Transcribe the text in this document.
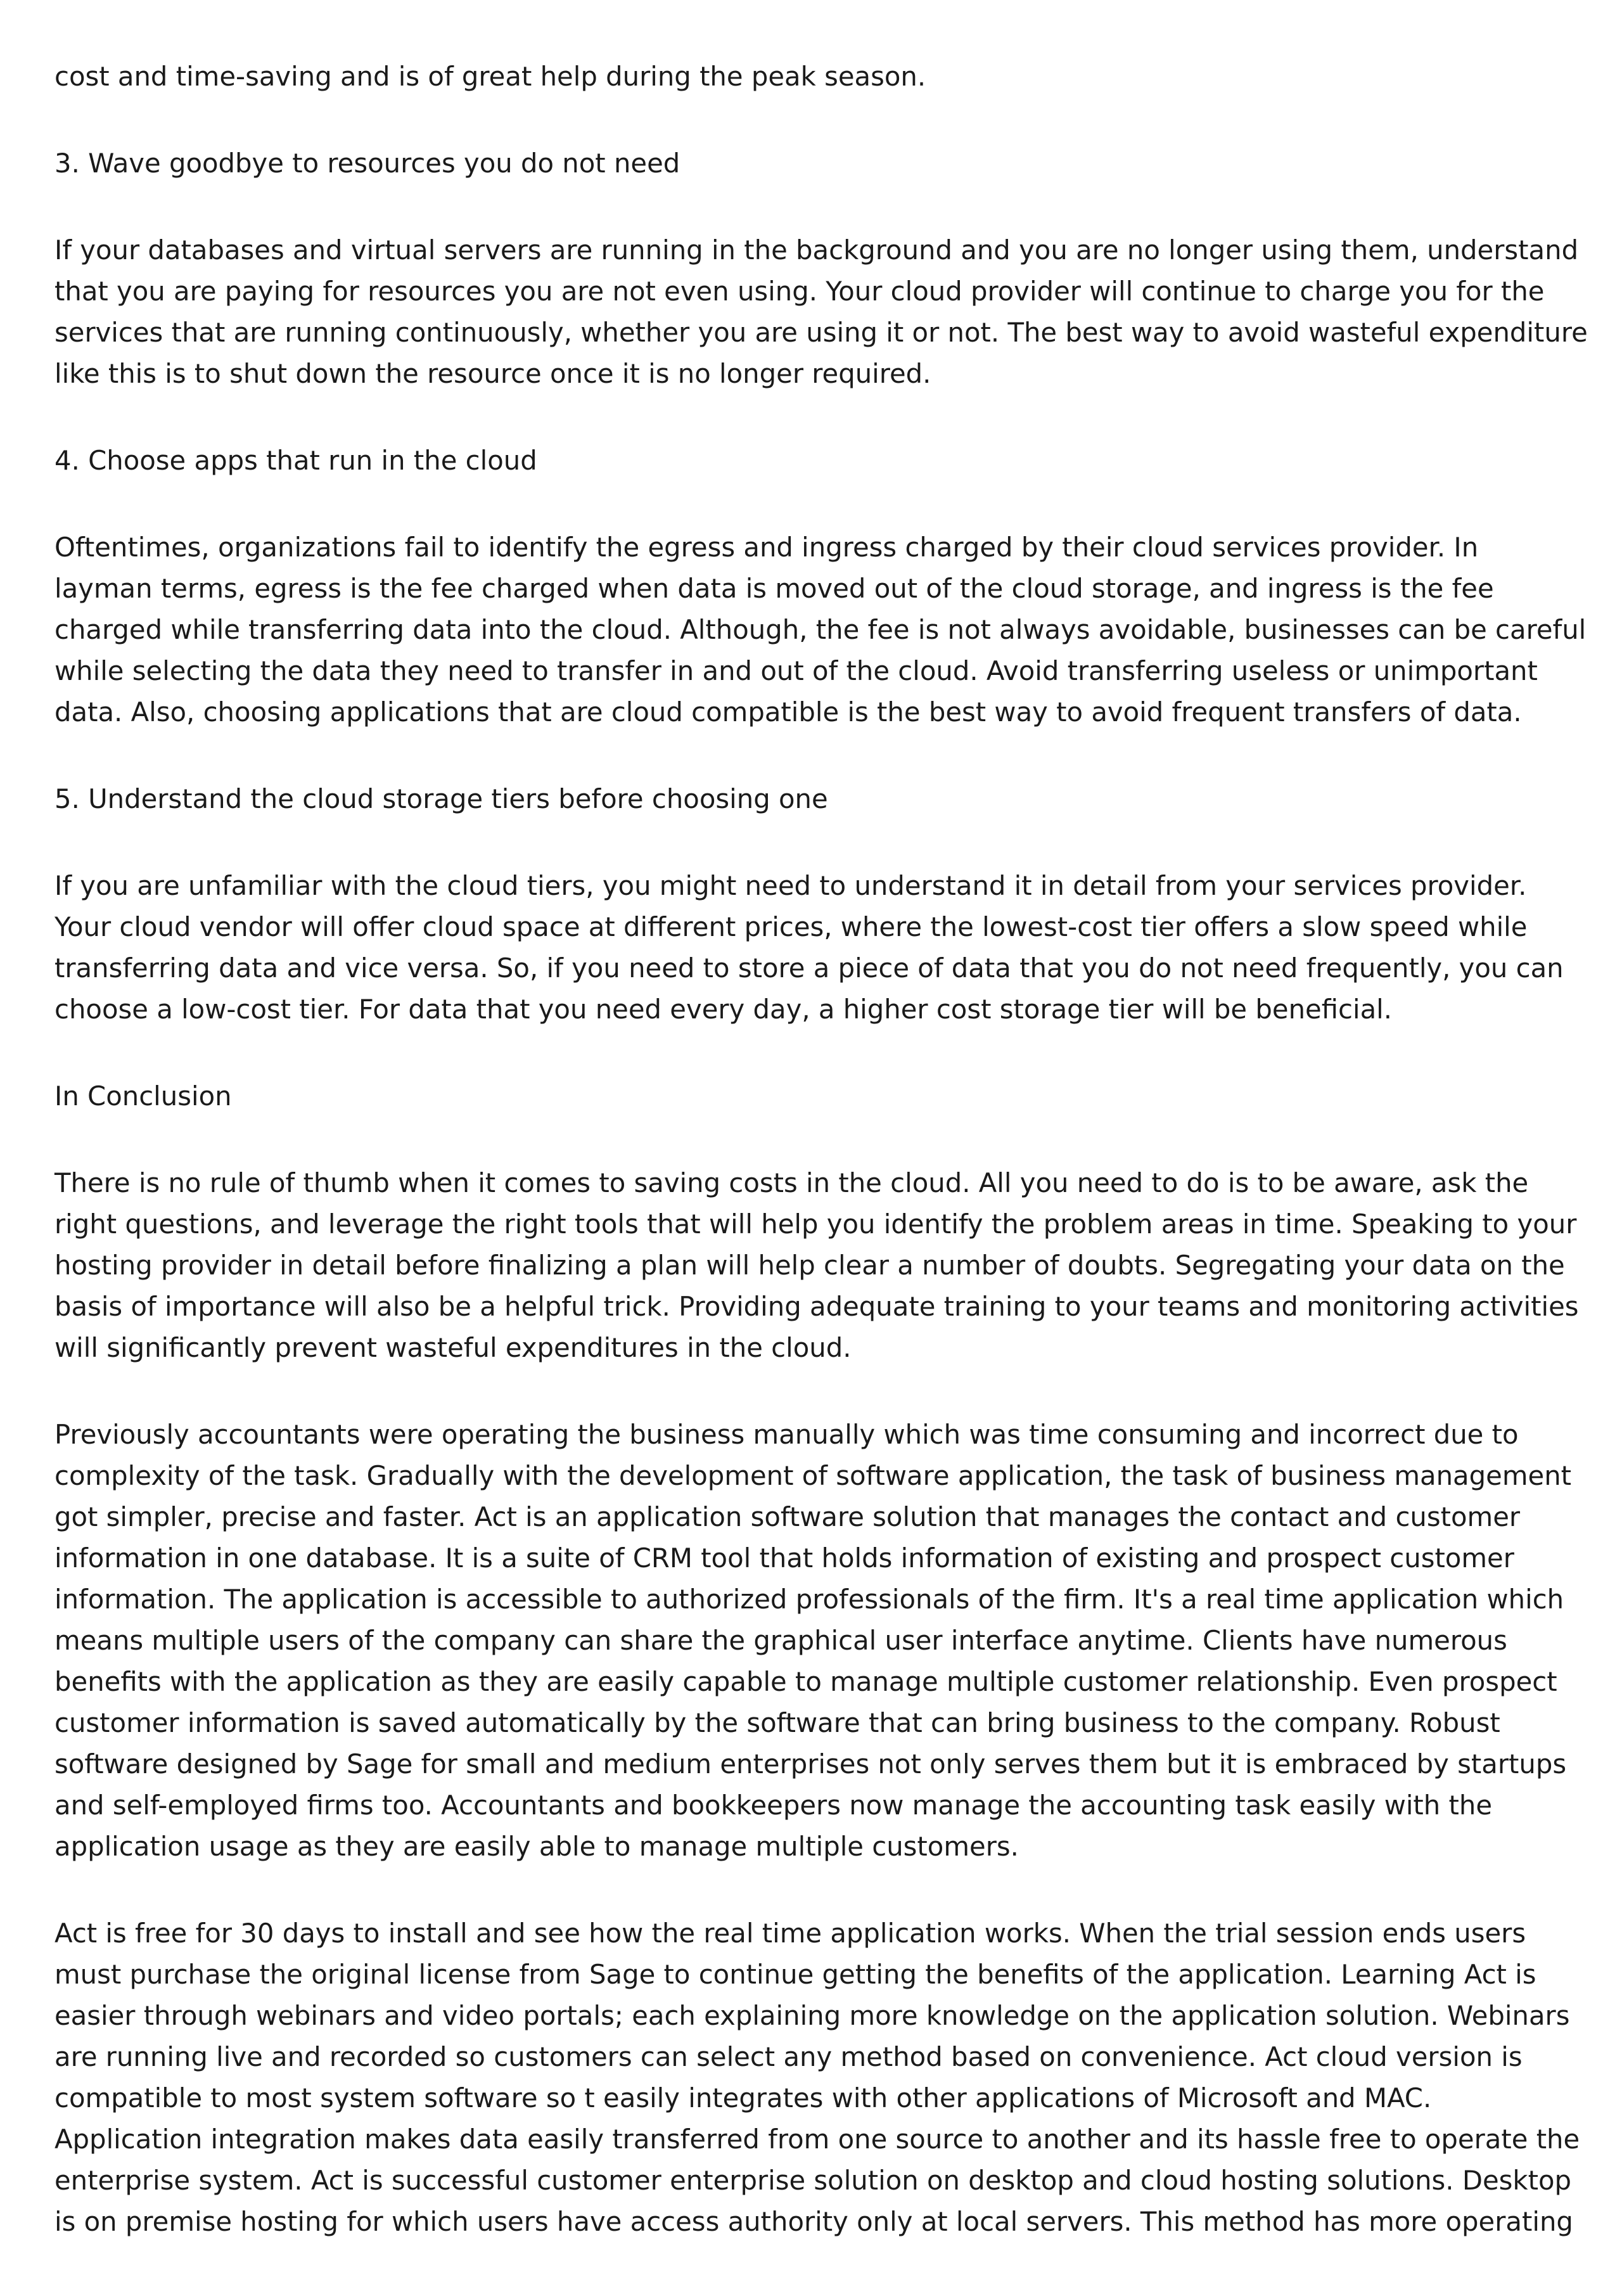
cost and time-saving and is of great help during the peak season.

3. Wave goodbye to resources you do not need

If your databases and virtual servers are running in the background and you are no longer using them, understand
that you are paying for resources you are not even using. Your cloud provider will continue to charge you for the
services that are running continuously, whether you are using it or not. The best way to avoid wasteful expenditure
like this is to shut down the resource once it is no longer required.

4. Choose apps that run in the cloud

Oftentimes, organizations fail to identify the egress and ingress charged by their cloud services provider. In
layman terms, egress is the fee charged when data is moved out of the cloud storage, and ingress is the fee
charged while transferring data into the cloud. Although, the fee is not always avoidable, businesses can be careful
while selecting the data they need to transfer in and out of the cloud. Avoid transferring useless or unimportant
data. Also, choosing applications that are cloud compatible is the best way to avoid frequent transfers of data.

5. Understand the cloud storage tiers before choosing one

If you are unfamiliar with the cloud tiers, you might need to understand it in detail from your services provider.
Your cloud vendor will offer cloud space at different prices, where the lowest-cost tier offers a slow speed while
transferring data and vice versa. So, if you need to store a piece of data that you do not need frequently, you can
choose a low-cost tier. For data that you need every day, a higher cost storage tier will be beneficial.

In Conclusion

There is no rule of thumb when it comes to saving costs in the cloud. All you need to do is to be aware, ask the
right questions, and leverage the right tools that will help you identify the problem areas in time. Speaking to your
hosting provider in detail before finalizing a plan will help clear a number of doubts. Segregating your data on the
basis of importance will also be a helpful trick. Providing adequate training to your teams and monitoring activities
will significantly prevent wasteful expenditures in the cloud.

Previously accountants were operating the business manually which was time consuming and incorrect due to
complexity of the task. Gradually with the development of software application, the task of business management
got simpler, precise and faster. Act is an application software solution that manages the contact and customer
information in one database. It is a suite of CRM tool that holds information of existing and prospect customer
information. The application is accessible to authorized professionals of the firm. It's a real time application which
means multiple users of the company can share the graphical user interface anytime. Clients have numerous
benefits with the application as they are easily capable to manage multiple customer relationship. Even prospect
customer information is saved automatically by the software that can bring business to the company. Robust
software designed by Sage for small and medium enterprises not only serves them but it is embraced by startups
and self-employed firms too. Accountants and bookkeepers now manage the accounting task easily with the
application usage as they are easily able to manage multiple customers.

Act is free for 30 days to install and see how the real time application works. When the trial session ends users
must purchase the original license from Sage to continue getting the benefits of the application. Learning Act is
easier through webinars and video portals; each explaining more knowledge on the application solution. Webinars
are running live and recorded so customers can select any method based on convenience. Act cloud version is
compatible to most system software so t easily integrates with other applications of Microsoft and MAC.
Application integration makes data easily transferred from one source to another and its hassle free to operate the
enterprise system. Act is successful customer enterprise solution on desktop and cloud hosting solutions. Desktop
is on premise hosting for which users have access authority only at local servers. This method has more operating
